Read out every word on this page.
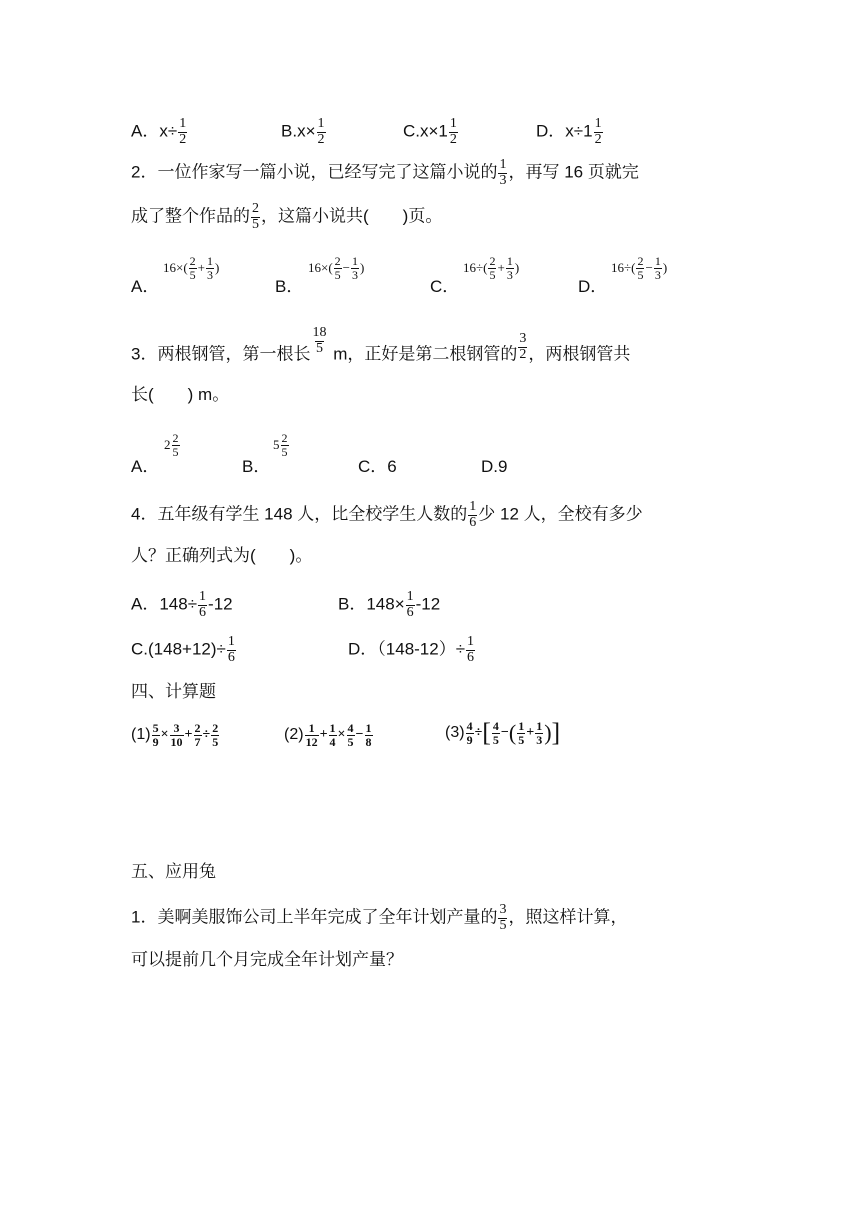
A．$x\div \frac{1}{2}$	$B.x\times \frac{1}{2}$	$C.x\times 1 \frac{1}{2}$	D．$x\div 1 \frac{1}{2}$
2．一位作家写一篇小说，已经写完了这篇小说的 $\frac{1}{3}$ ，再写 16 页就完
成了整个作品的 $\frac{2}{5}$ ，这篇小说共(　　)页。
A．
$16\times( \frac{2}{5} + \frac{1}{3}$ )
B．
$16\times( \frac{2}{5} - \frac{1}{3}$ )
C．
$16\div( \frac{2}{5} + \frac{1}{3}$ )
D．
$16\div( \frac{2}{5} - \frac{1}{3}$ )
3．两根钢管，第一根长 $\frac{18}{5}$ m，正好是第二根钢管的 $\frac{3}{2}$ ，两根钢管共
长(　　) m。
A．
$2 \frac{2}{5}$
B．
$5 \frac{2}{5}$
C．6	D.9
4．五年级有学生 148 人，比全校学生人数的 $\frac{1}{6}$ 少 12 人，全校有多少
人？正确列式为(　　)。
A．$148\div \frac{1}{6} -12$	B．$148\times \frac{1}{6} -12$
$C.(148+12)\div \frac{1}{6}$	D．$(148-12)\div \frac{1}{6}$
四、计算题
$(1) \frac{5}{9} \times \frac{3}{10} + \frac{2}{7} \div \frac{2}{5}$	$(2) \frac{1}{12} + \frac{1}{4} \times \frac{4}{5} - \frac{1}{8}$	$(3) \frac{4}{9}$ ÷ [ $\frac{4}{5}$ − ( $\frac{1}{5} + \frac{1}{3}$ ) ]
五、应用兔
1．美啊美服饰公司上半年完成了全年计划产量的 $\frac{3}{5}$ ，照这样计算，
可以提前几个月完成全年计划产量？
